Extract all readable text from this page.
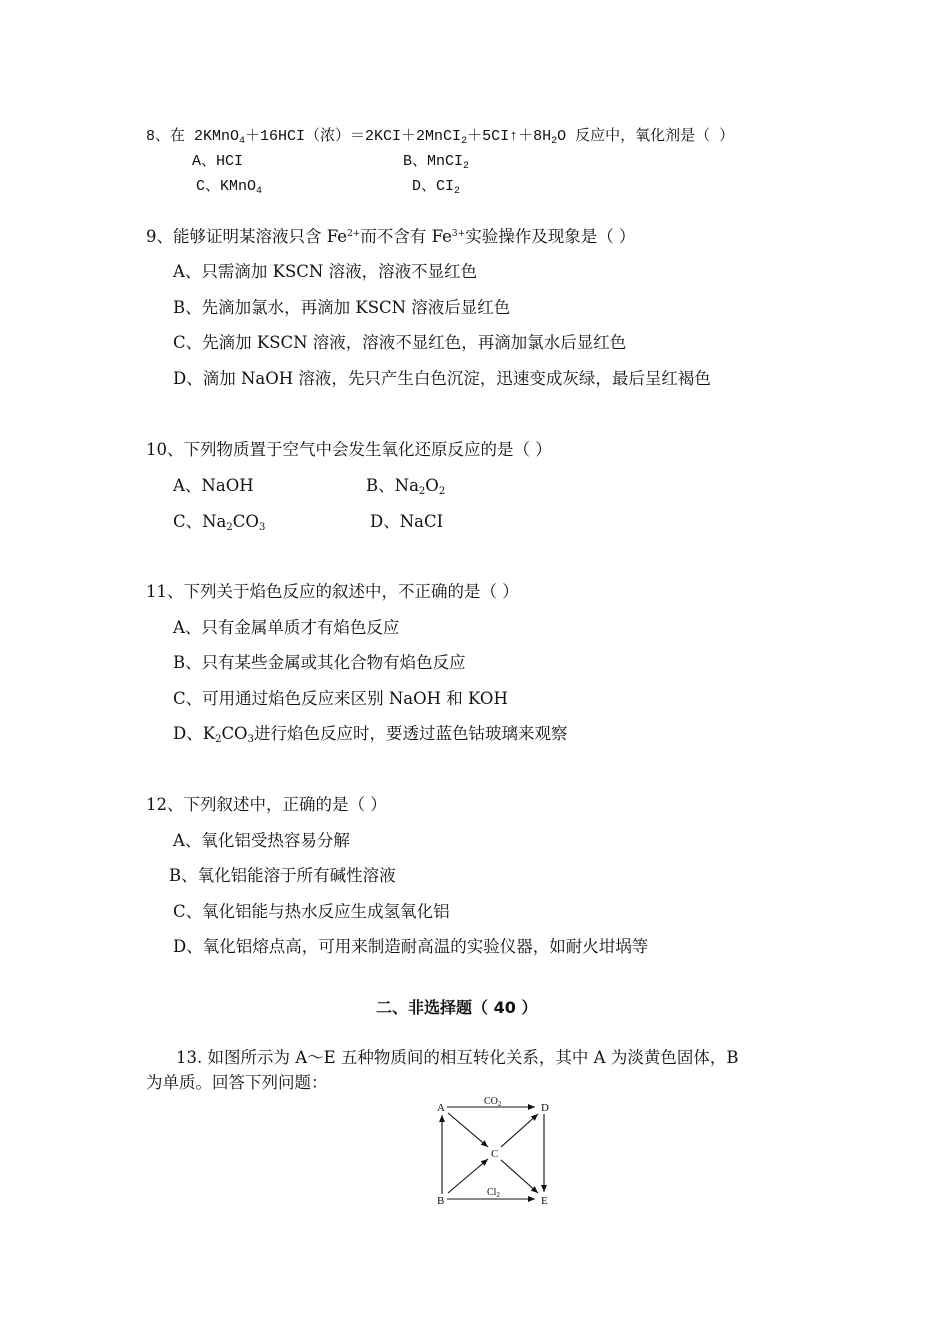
8、在 2KMnO$_4$＋16HCI（浓）$=2KCI+2MnCI_2+5CI↑+8H_2O$ 反应中，氧化剂是（ ）
A、HCI	B、MnCI$_2$
C、KMnO$_4$	D、$CI_2$
9、能够证明某溶液只含 $Fe^{2+}$而不含有 $Fe^{3+}$实验操作及现象是（ ）
A、只需滴加 KSCN 溶液，溶液不显红色
B、先滴加氯水，再滴加 KSCN 溶液后显红色
C、先滴加 KSCN 溶液，溶液不显红色，再滴加氯水后显红色
D、滴加 NaOH 溶液，先只产生白色沉淀，迅速变成灰绿，最后呈红褐色
10、下列物质置于空气中会发生氧化还原反应的是（ ）
A、NaOH	B、$Na_2O_2$
C、$Na_2CO_3$	D、NaCI
11、下列关于焰色反应的叙述中，不正确的是（ ）
A、只有金属单质才有焰色反应
B、只有某些金属或其化合物有焰色反应
C、可用通过焰色反应来区别 NaOH 和 KOH
D、$K_2CO_3$进行焰色反应时，要透过蓝色钴玻璃来观察
12、下列叙述中，正确的是（ ）
A、氧化铝受热容易分解
B、氧化铝能溶于所有碱性溶液
C、氧化铝能与热水反应生成氢氧化铝
D、氧化铝熔点高，可用来制造耐高温的实验仪器，如耐火坩埚等
二、非选择题（ 40 ）
13. 如图所示为 A～E 五种物质间的相互转化关系，其中 A 为淡黄色固体，B
为单质。回答下列问题：
A
B
C
D
E
$CO_2$
$Cl_2$
